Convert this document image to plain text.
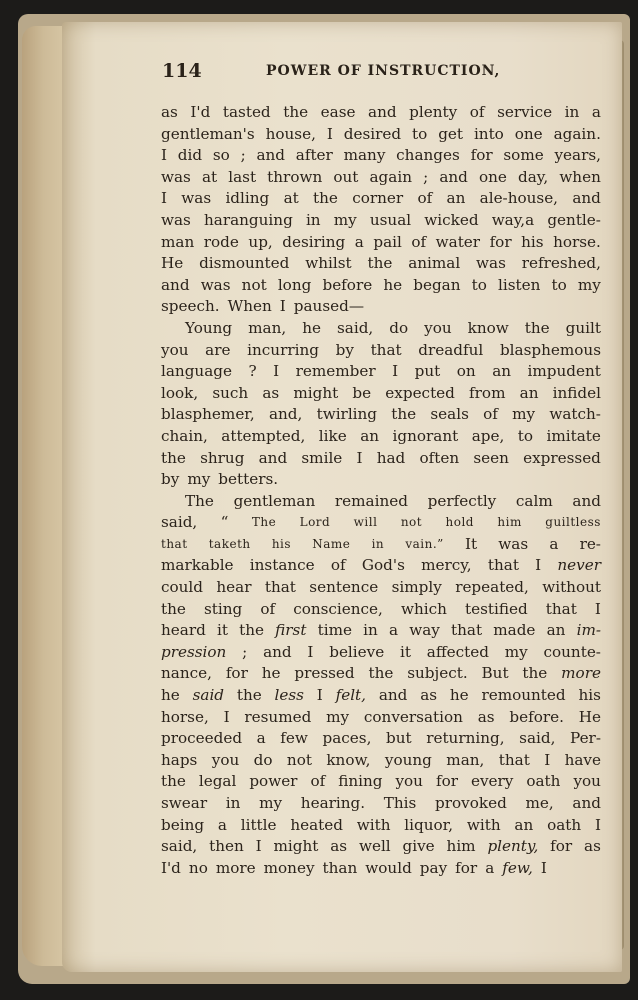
114	POWER OF INSTRUCTION,
as I'd tasted the ease and plenty of service in a
gentleman's house, I desired to get into one again.
I did so ; and after many changes for some years,
was at last thrown out again ; and one day, when
I was idling at the corner of an ale-house, and
was haranguing in my usual wicked way,a gentle-
man rode up, desiring a pail of water for his horse.
He dismounted whilst the animal was refreshed,
and was not long before he began to listen to my
speech. When I paused—
Young man, he said, do you know the guilt
you are incurring by that dreadful blasphemous
language ? I remember I put on an impudent
look, such as might be expected from an infidel
blasphemer, and, twirling the seals of my watch-
chain, attempted, like an ignorant ape, to imitate
the shrug and smile I had often seen expressed
by my betters.
The gentleman remained perfectly calm and
said, “ The Lord will not hold him guiltless
that taketh his Name in vain.” It was a re-
markable instance of God's mercy, that I never
could hear that sentence simply repeated, without
the sting of conscience, which testified that I
heard it the first time in a way that made an im-
pression ; and I believe it affected my counte-
nance, for he pressed the subject. But the more
he said the less I felt, and as he remounted his
horse, I resumed my conversation as before. He
proceeded a few paces, but returning, said, Per-
haps you do not know, young man, that I have
the legal power of fining you for every oath you
swear in my hearing. This provoked me, and
being a little heated with liquor, with an oath I
said, then I might as well give him plenty, for as
I'd no more money than would pay for a few, I
